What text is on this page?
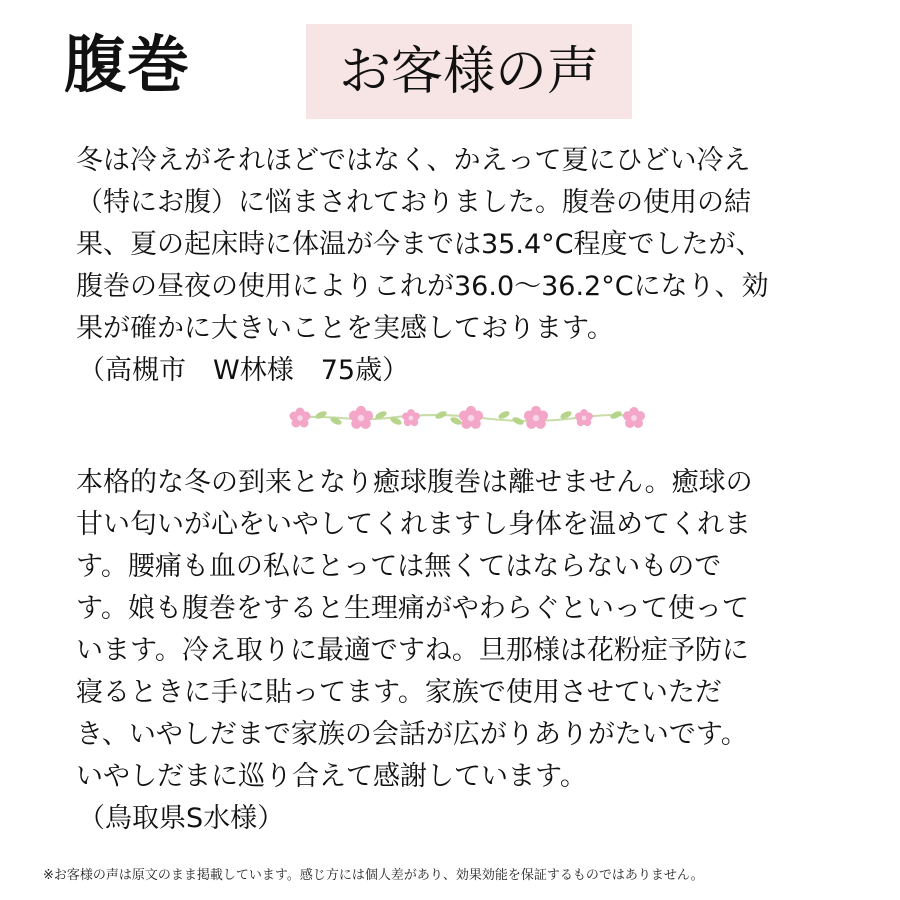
腹巻	お客様の声
冬は冷えがそれほどではなく、かえって夏にひどい冷え
（特にお腹）に悩まされておりました。腹巻の使用の結
果、夏の起床時に体温が今までは35.4°C程度でしたが、
腹巻の昼夜の使用によりこれが36.0〜36.2°Cになり、効
果が確かに大きいことを実感しております。
（高槻市　W林様　75歳）
本格的な冬の到来となり癒球腹巻は離せません。癒球の
甘い匂いが心をいやしてくれますし身体を温めてくれま
す。腰痛も血の私にとっては無くてはならないもので
す。娘も腹巻をすると生理痛がやわらぐといって使って
います。冷え取りに最適ですね。旦那様は花粉症予防に
寝るときに手に貼ってます。家族で使用させていただ
き、いやしだまで家族の会話が広がりありがたいです。
いやしだまに巡り合えて感謝しています。
（鳥取県S水様）
※お客様の声は原文のまま掲載しています。感じ方には個人差があり、効果効能を保証するものではありません。
